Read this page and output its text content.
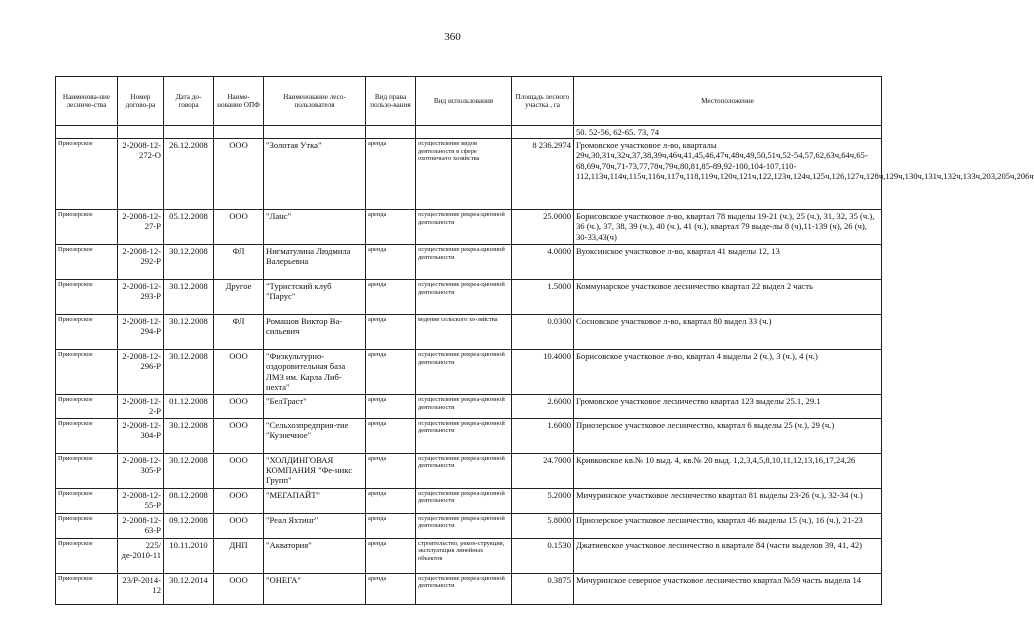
360
Наименова-ние лесниче-ства	Номер догово-ра	Дата до-говора	Наиме-нование ОПФ	Наименование лесо-пользователя	Вид права пользо-вания	Вид использования	Площадь лесного участка , га	Местоположение
								50. 52-56, 62-65. 73, 74
Приозерское	2-2008-12-272-О	26.12.2008	ООО	"Золотая Утка"	аренда	осуществление видов деятельности в сфере охотничьего хозяйства	8 236.2974	Громовское участковое л-во, кварталы 29ч,30,31ч,32ч,37,38,39ч,46ч,41,45,46,47ч,48ч,49,50,51ч,52-54,57,62,63ч,64ч,65-68,69ч,70ч,71-73,77,78ч,79ч,80,81,85-89,92-100,104-107,110-112,113ч,114ч,115ч,116ч,117ч,118,119ч,120ч,121ч,122,123ч,124ч,125ч,126,127ч,128ч,129ч,130ч,131ч,132ч,133ч,203,205ч,206ч
Приозерское	2-2008-12-27-Р	05.12.2008	ООО	"Ланс"	аренда	осуществление рекреа-ционной деятельности	25.0000	Борисовское участковое л-во, квартал 78 выделы 19-21 (ч.), 25 (ч.), 31, 32, 35 (ч.), 36 (ч.), 37, 38, 39 (ч.), 40 (ч.), 41 (ч.), квартал 79 выде-лы 8 (ч),11-139 (ч), 26 (ч), 30-33,43(ч)
Приозерское	2-2008-12-292-Р	30.12.2008	ФЛ	Нигматулина Людмила Валерьевна	аренда	осуществление рекреа-ционной деятельности	4.0000	Вуоксинское участковое л-во, квартал 41 выделы 12, 13
Приозерское	2-2008-12-293-Р	30.12.2008	Другое	"Туристский клуб "Парус"	аренда	осуществление рекреа-ционной деятельности	1.5000	Коммунарское участковое лесничество квартал 22 выдел 2 часть
Приозерское	2-2008-12-294-Р	30.12.2008	ФЛ	Ромашов Виктор Ва-сильевич	аренда	ведение сельского хо-зяйства	0.0300	Сосновское участковое л-во, квартал 80 выдел 33 (ч.)
Приозерское	2-2008-12-296-Р	30.12.2008	ООО	"Физкультурно-оздоровительная база ЛМЗ им. Карла Либ-нехта"	аренда	осуществление рекреа-ционной деятельности	10.4000	Борисовское участковое л-во, квартал 4 выделы 2 (ч.), 3 (ч.), 4 (ч.)
Приозерское	2-2008-12-2-Р	01.12.2008	ООО	"БелТраст"	аренда	осуществление рекреа-ционной деятельности	2.6000	Громовское участковое лесничество квартал 123 выделы 25.1, 29.1
Приозерское	2-2008-12-304-Р	30.12.2008	ООО	"Сельхозпредприя-тие "Кузнечное"	аренда	осуществление рекреа-ционной деятельности	1.6000	Приозерское участковое лесничество, квартал 6 выделы 25 (ч.), 29 (ч.)
Приозерское	2-2008-12-305-Р	30.12.2008	ООО	"ХОЛДИНГОВАЯ КОМПАНИЯ "Фе-никс Групп"	аренда	осуществление рекреа-ционной деятельности	24.7000	Кривковское кв.№ 10 выд. 4, кв.№ 20 выд. 1,2,3,4,5,8,10,11,12,13,16,17,24,26
Приозерское	2-2008-12-55-Р	08.12.2008	ООО	"МЕГАПАЙТ"	аренда	осуществление рекреа-ционной деятельности	5.2000	Мичуринское участковое лесничество квартал 81 выделы 23-26 (ч.), 32-34 (ч.)
Приозерское	2-2008-12-63-Р	09.12.2008	ООО	"Реал Яхтинг"	аренда	осуществление рекреа-ционной деятельности	5.8000	Приозерское участковое лесничество, квартал 46 выделы 15 (ч.), 16 (ч.), 21-23
Приозерское	225/де-2010-11	10.11.2010	ДНП	"Акватория"	аренда	строительство, рекон-струкция, эксплуатация линейных объектов	0.1530	Джатиевское участковое лесничество в квартале 84 (части выделов 39, 41, 42)
Приозерское	23/Р-2014-12	30.12.2014	ООО	"ОНЕГА"	аренда	осуществление рекреа-ционной деятельности	0.3875	Мичуринское северное участковое лесничество квартал №59 часть выдела 14
